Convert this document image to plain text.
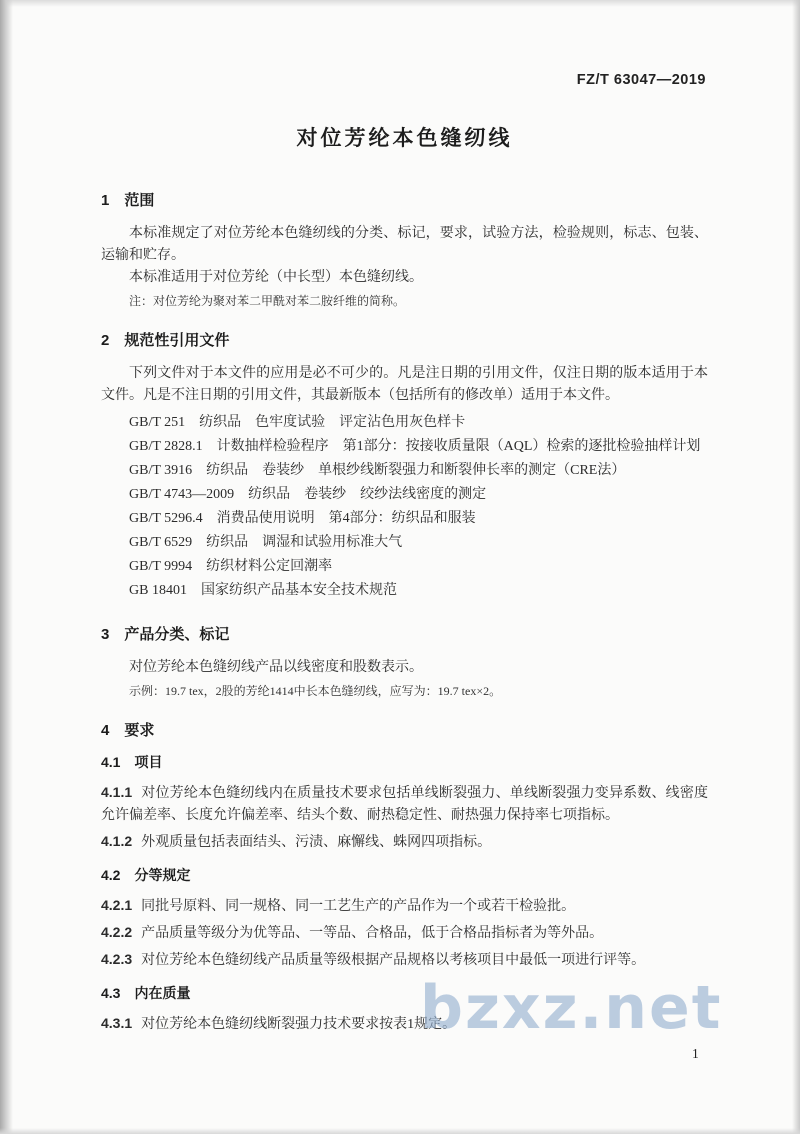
FZ/T 63047—2019
对位芳纶本色缝纫线
1　范围

本标准规定了对位芳纶本色缝纫线的分类、标记，要求，试验方法，检验规则，标志、包装、运输和贮存。

本标准适用于对位芳纶（中长型）本色缝纫线。

注：对位芳纶为聚对苯二甲酰对苯二胺纤维的简称。

2　规范性引用文件

下列文件对于本文件的应用是必不可少的。凡是注日期的引用文件，仅注日期的版本适用于本文件。凡是不注日期的引用文件，其最新版本（包括所有的修改单）适用于本文件。

GB/T 251　纺织品　色牢度试验　评定沾色用灰色样卡

GB/T 2828.1　计数抽样检验程序　第1部分：按接收质量限（AQL）检索的逐批检验抽样计划

GB/T 3916　纺织品　卷装纱　单根纱线断裂强力和断裂伸长率的测定（CRE法）

GB/T 4743—2009　纺织品　卷装纱　绞纱法线密度的测定

GB/T 5296.4　消费品使用说明　第4部分：纺织品和服装

GB/T 6529　纺织品　调湿和试验用标准大气

GB/T 9994　纺织材料公定回潮率

GB 18401　国家纺织产品基本安全技术规范

3　产品分类、标记

对位芳纶本色缝纫线产品以线密度和股数表示。

示例：19.7 tex，2股的芳纶1414中长本色缝纫线，应写为：19.7 tex×2。

4　要求
4.1　项目

4.1.1 对位芳纶本色缝纫线内在质量技术要求包括单线断裂强力、单线断裂强力变异系数、线密度允许偏差率、长度允许偏差率、结头个数、耐热稳定性、耐热强力保持率七项指标。

4.1.2 外观质量包括表面结头、污渍、麻懈线、蛛网四项指标。

4.2　分等规定

4.2.1 同批号原料、同一规格、同一工艺生产的产品作为一个或若干检验批。

4.2.2 产品质量等级分为优等品、一等品、合格品，低于合格品指标者为等外品。

4.2.3 对位芳纶本色缝纫线产品质量等级根据产品规格以考核项目中最低一项进行评等。

4.3　内在质量

4.3.1 对位芳纶本色缝纫线断裂强力技术要求按表1规定。

bzxz.net
1
